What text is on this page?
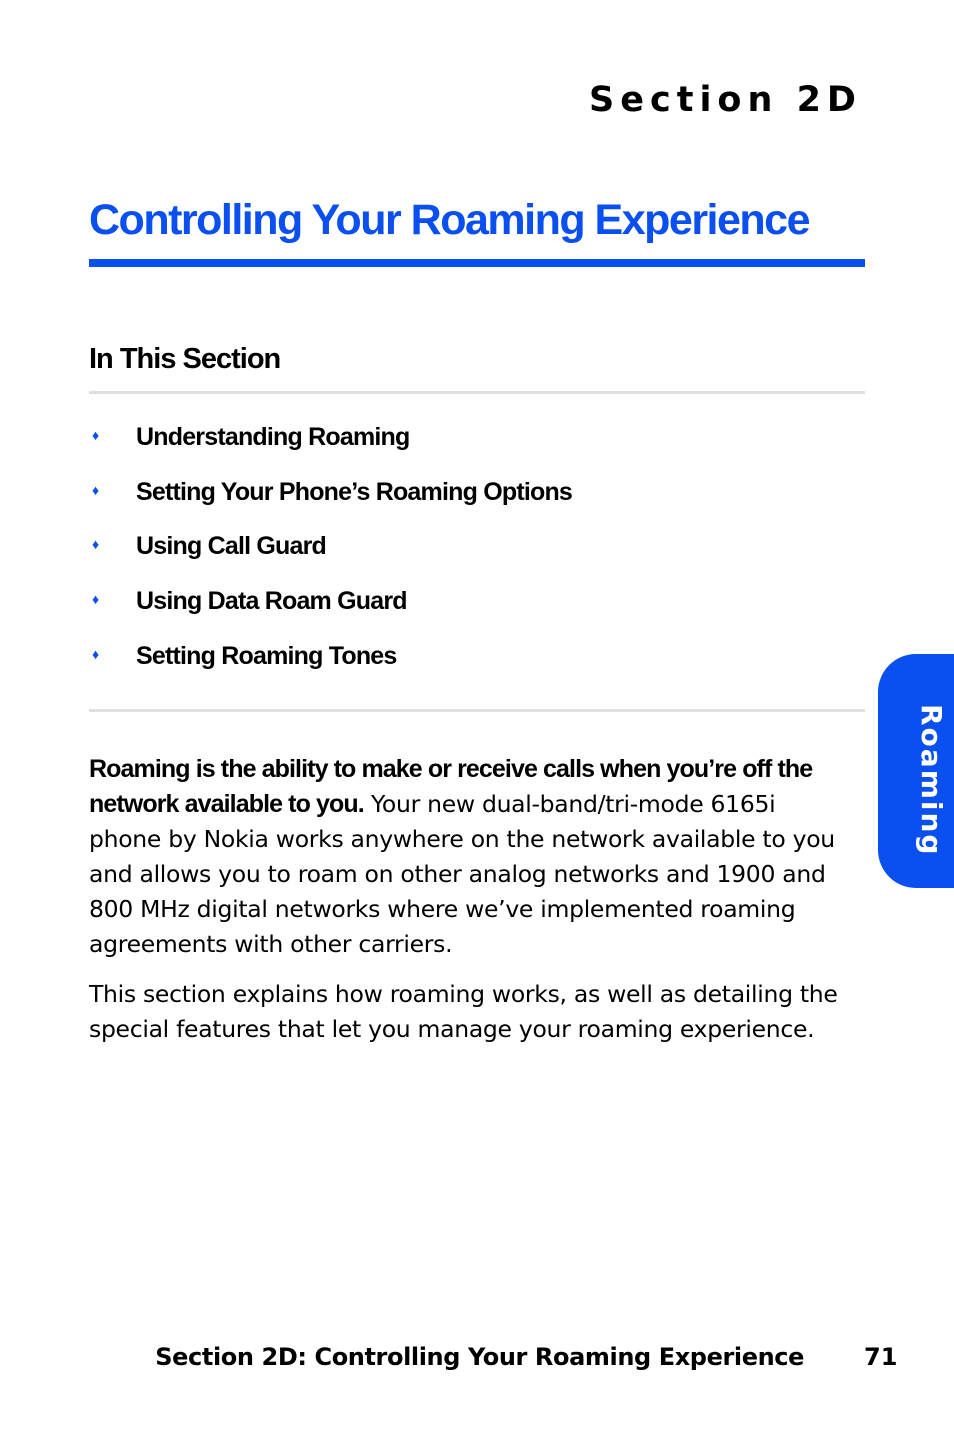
Section 2D
Controlling Your Roaming Experience
In This Section
♦	Understanding Roaming
♦	Setting Your Phone’s Roaming Options
♦	Using Call Guard
♦	Using Data Roam Guard
♦	Setting Roaming Tones

Roaming is the ability to make or receive calls when you’re off the network available to you. Your new dual-band/tri-mode 6165i phone by Nokia works anywhere on the network available to you and allows you to roam on other analog networks and 1900 and 800 MHz digital networks where we’ve implemented roaming agreements with other carriers.

This section explains how roaming works, as well as detailing the special features that let you manage your roaming experience.

Roaming
Section 2D: Controlling Your Roaming Experience	71
